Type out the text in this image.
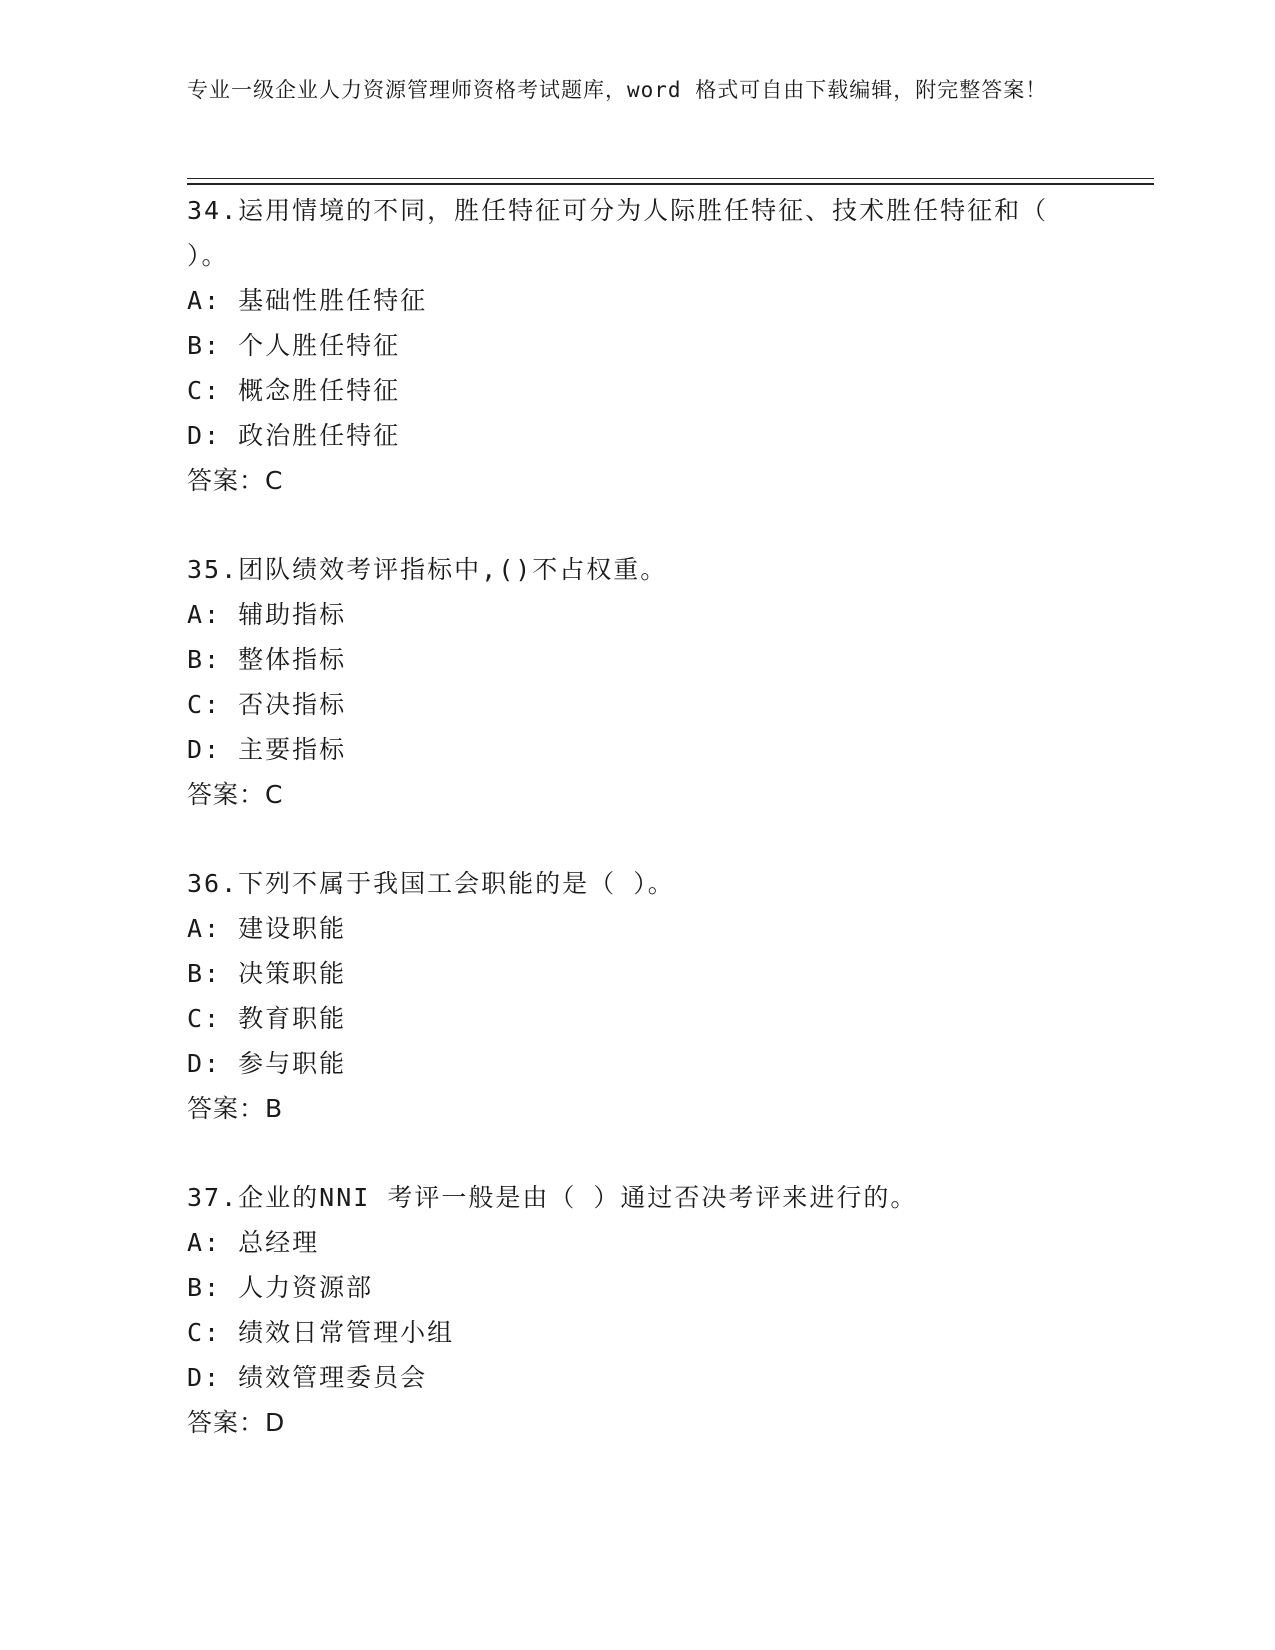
专业一级企业人力资源管理师资格考试题库，word 格式可自由下载编辑，附完整答案！
34.运用情境的不同，胜任特征可分为人际胜任特征、技术胜任特征和（ ）。
A: 基础性胜任特征
B: 个人胜任特征
C: 概念胜任特征
D: 政治胜任特征
答案：C
35.团队绩效考评指标中,()不占权重。
A: 辅助指标
B: 整体指标
C: 否决指标
D: 主要指标
答案：C
36.下列不属于我国工会职能的是（ ）。
A: 建设职能
B: 决策职能
C: 教育职能
D: 参与职能
答案：B
37.企业的NNI 考评一般是由（ ）通过否决考评来进行的。
A: 总经理
B: 人力资源部
C: 绩效日常管理小组
D: 绩效管理委员会
答案：D
